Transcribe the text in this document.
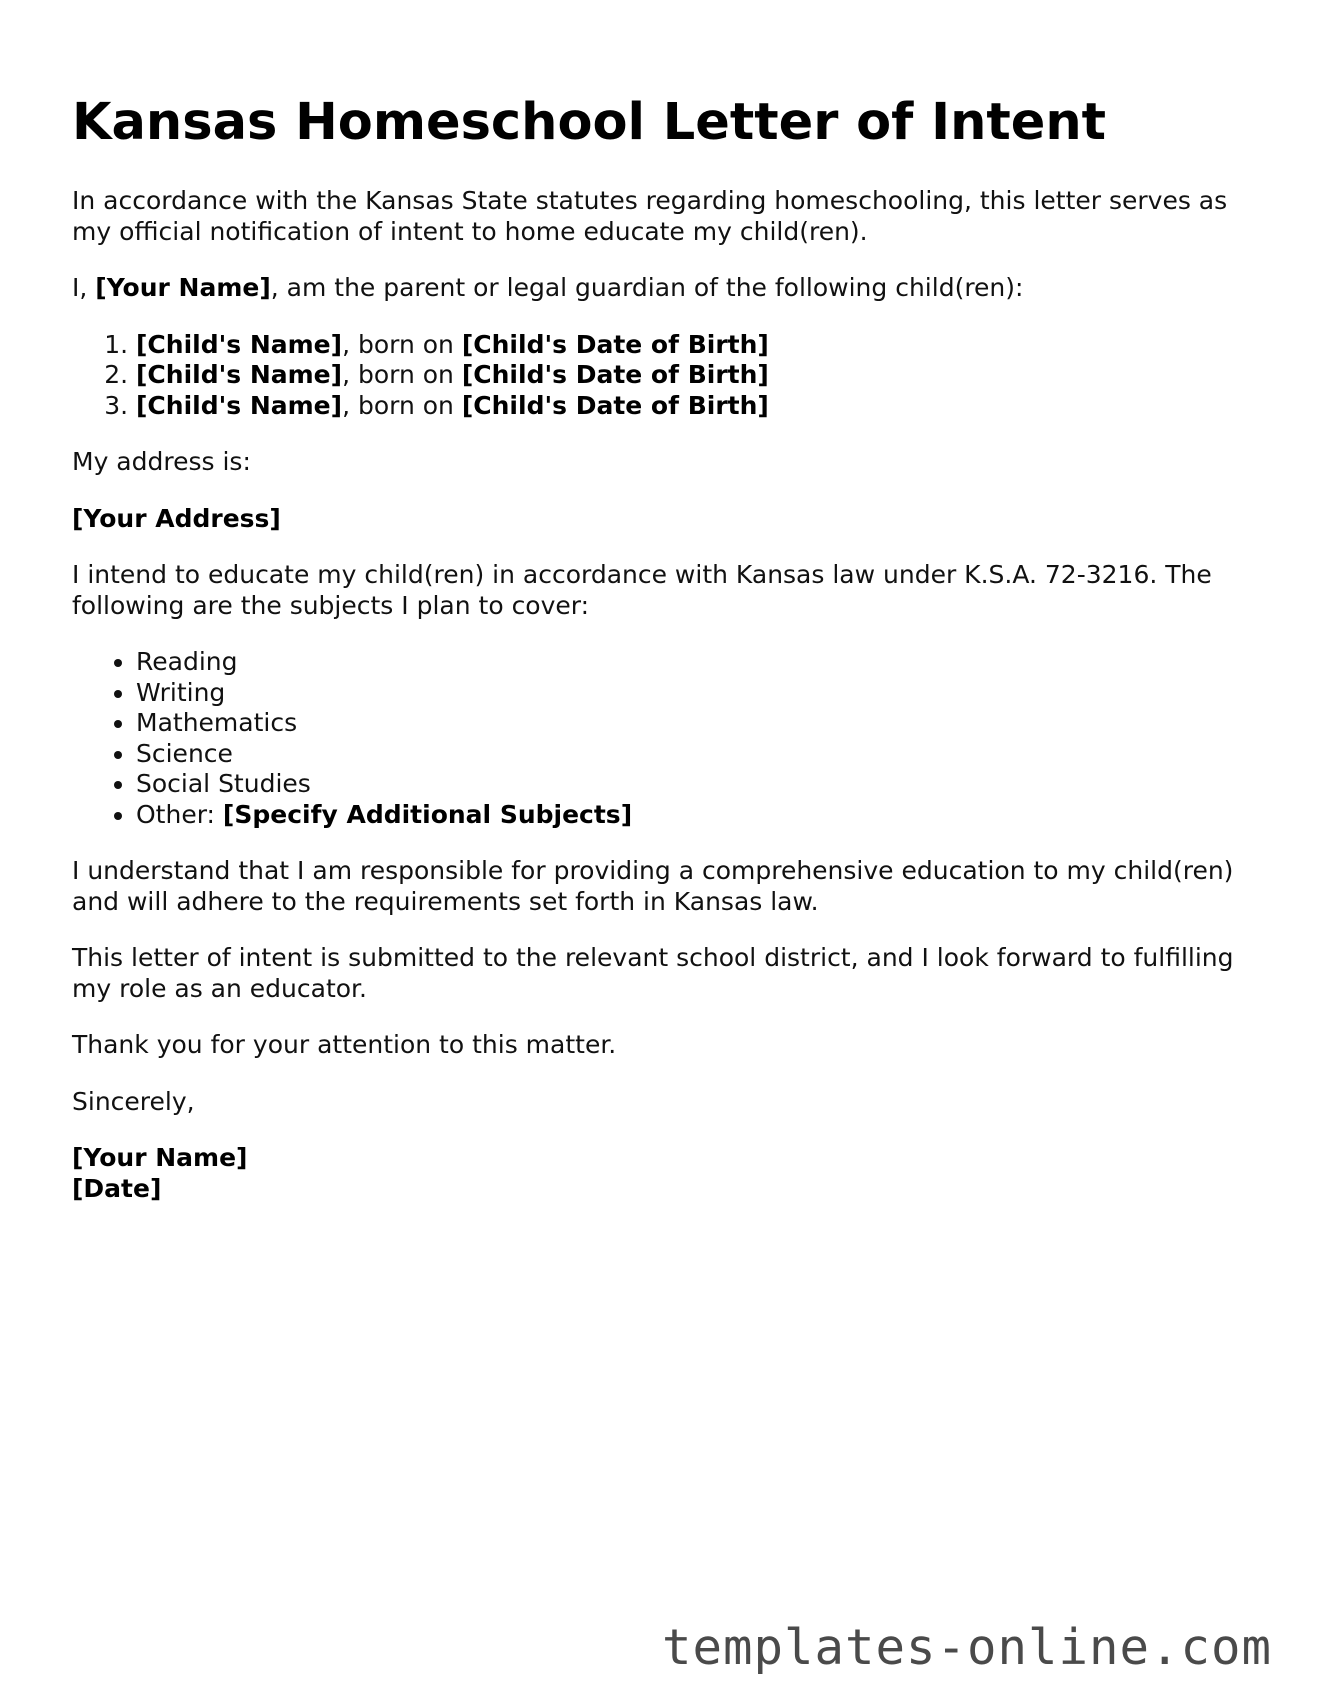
Kansas Homeschool Letter of Intent

In accordance with the Kansas State statutes regarding homeschooling, this letter serves as my official notification of intent to home educate my child(ren).

I, [Your Name], am the parent or legal guardian of the following child(ren):

1. [Child's Name], born on [Child's Date of Birth]
2. [Child's Name], born on [Child's Date of Birth]
3. [Child's Name], born on [Child's Date of Birth]

My address is:

[Your Address]

I intend to educate my child(ren) in accordance with Kansas law under K.S.A. 72-3216. The following are the subjects I plan to cover:

• Reading
• Writing
• Mathematics
• Science
• Social Studies
• Other: [Specify Additional Subjects]

I understand that I am responsible for providing a comprehensive education to my child(ren) and will adhere to the requirements set forth in Kansas law.

This letter of intent is submitted to the relevant school district, and I look forward to fulfilling my role as an educator.

Thank you for your attention to this matter.

Sincerely,

[Your Name]
[Date]

templates-online.com
